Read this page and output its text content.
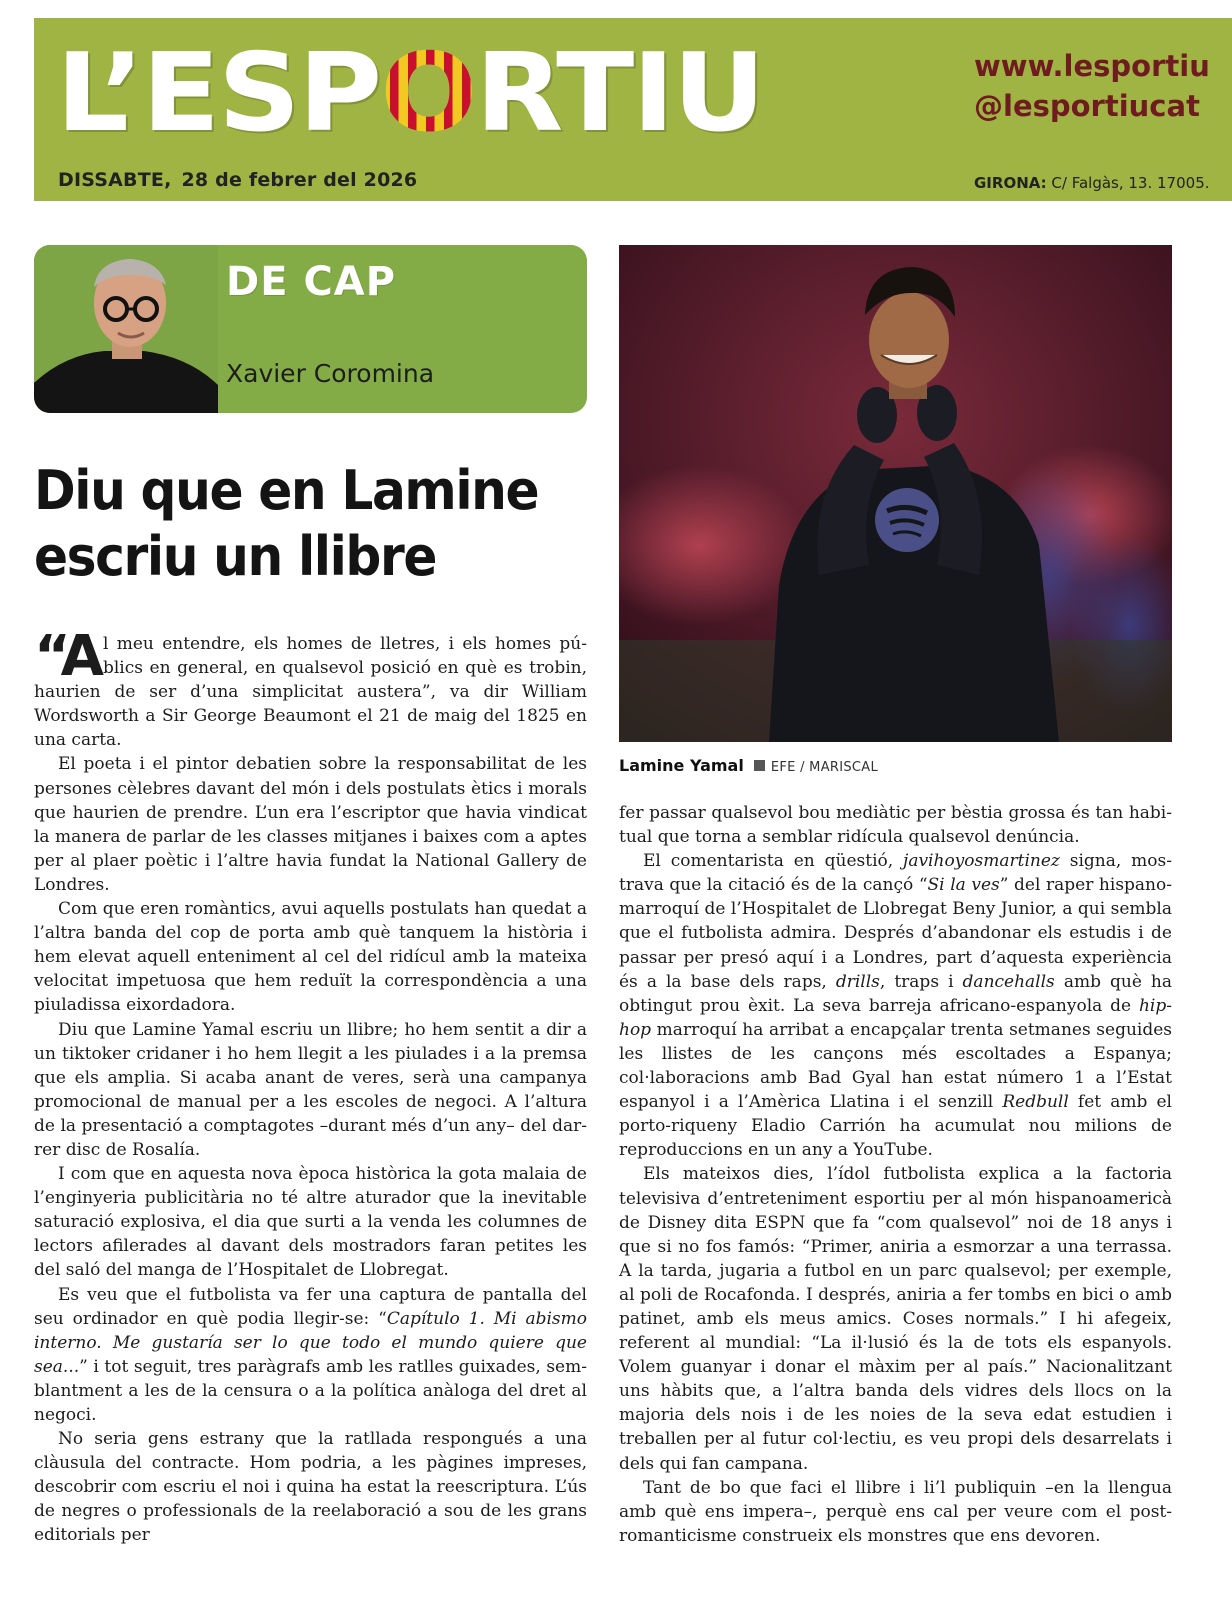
L’ESPORTIU
DISSABTE, 28 de febrer del 2026
www.lesportiu
@lesportiucat
GIRONA: C/ Falgàs, 13. 17005.
DE CAP
Xavier Coromina
Diu que en Lamine escriu un llibre

“Al meu entendre, els homes de lletres, i els homes públics en general, en qualsevol posició en què es trobin, haurien de ser d’una simplicitat austera”, va dir William Wordsworth a Sir George Beaumont el 21 de maig del 1825 en una carta.

El poeta i el pintor debatien sobre la responsabilitat de les persones cèlebres davant del món i dels postulats ètics i morals que haurien de prendre. L’un era l’escriptor que havia vindicat la manera de parlar de les classes mitjanes i baixes com a aptes per al plaer poètic i l’altre havia fundat la National Gallery de Londres.

Com que eren romàntics, avui aquells postulats han quedat a l’altra banda del cop de porta amb què tanquem la història i hem elevat aquell enteniment al cel del ridícul amb la mateixa velocitat impetuosa que hem reduït la correspondència a una piuladissa eixordadora.

Diu que Lamine Yamal escriu un llibre; ho hem sentit a dir a un tiktoker cridaner i ho hem llegit a les piulades i a la premsa que els amplia. Si acaba anant de veres, serà una campanya promocional de manual per a les escoles de negoci. A l’altura de la presentació a comptagotes –durant més d’un any– del darrer disc de Rosalía.

I com que en aquesta nova època històrica la gota malaia de l’enginyeria publicitària no té altre aturador que la inevitable saturació explosiva, el dia que surti a la venda les columnes de lectors afilerades al davant dels mostradors faran petites les del saló del manga de l’Hospitalet de Llobregat.

Es veu que el futbolista va fer una captura de pantalla del seu ordinador en què podia llegir-se: “Capítulo 1. Mi abismo interno. Me gustaría ser lo que todo el mundo quiere que sea...” i tot seguit, tres paràgrafs amb les ratlles guixades, semblantment a les de la censura o a la política anàloga del dret al negoci.

No seria gens estrany que la ratllada respongués a una clàusula del contracte. Hom podria, a les pàgines impreses, descobrir com escriu el noi i quina ha estat la reescriptura. L’ús de negres o professionals de la reelaboració a sou de les grans editorials per

Lamine Yamal EFE / MARISCAL

fer passar qualsevol bou mediàtic per bèstia grossa és tan habitual que torna a semblar ridícula qualsevol denúncia.

El comentarista en qüestió, javihoyosmartinez signa, mostrava que la citació és de la cançó “Si la ves” del raper hispanomarroquí de l’Hospitalet de Llobregat Beny Junior, a qui sembla que el futbolista admira. Després d’abandonar els estudis i de passar per presó aquí i a Londres, part d’aquesta experiència és a la base dels raps, drills, traps i dancehalls amb què ha obtingut prou èxit. La seva barreja africano-espanyola de hip-hop marroquí ha arribat a encapçalar trenta setmanes seguides les llistes de les cançons més escoltades a Espanya; col·laboracions amb Bad Gyal han estat número 1 a l’Estat espanyol i a l’Amèrica Llatina i el senzill Redbull fet amb el porto-riqueny Eladio Carrión ha acumulat nou milions de reproduccions en un any a YouTube.

Els mateixos dies, l’ídol futbolista explica a la factoria televisiva d’entreteniment esportiu per al món hispanoamericà de Disney dita ESPN que fa “com qualsevol” noi de 18 anys i que si no fos famós: “Primer, aniria a esmorzar a una terrassa. A la tarda, jugaria a futbol en un parc qualsevol; per exemple, al poli de Rocafonda. I després, aniria a fer tombs en bici o amb patinet, amb els meus amics. Coses normals.” I hi afegeix, referent al mundial: “La il·lusió és la de tots els espanyols. Volem guanyar i donar el màxim per al país.” Nacionalitzant uns hàbits que, a l’altra banda dels vidres dels llocs on la majoria dels nois i de les noies de la seva edat estudien i treballen per al futur col·lectiu, es veu propi dels desarrelats i dels qui fan campana.

Tant de bo que faci el llibre i li’l publiquin –en la llengua amb què ens impera–, perquè ens cal per veure com el post-romanticisme construeix els monstres que ens devoren.
